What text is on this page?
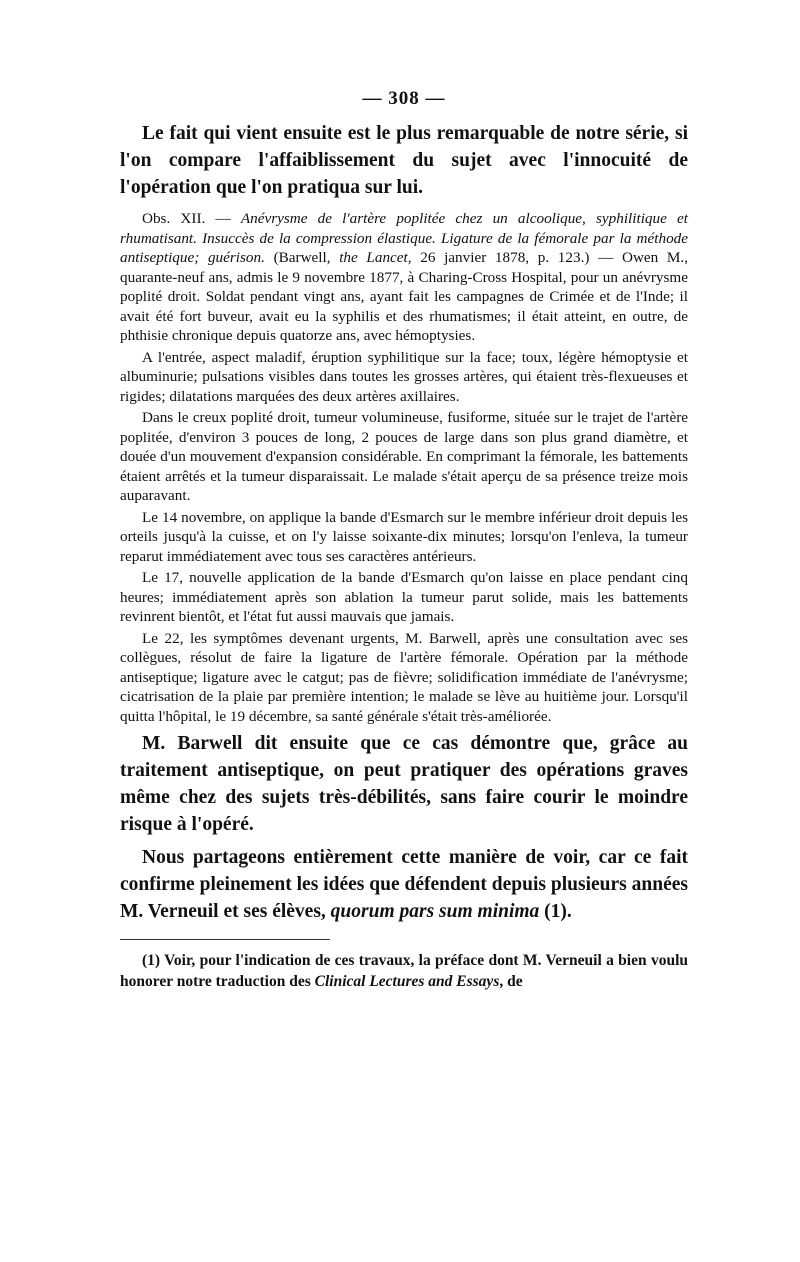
— 308 —

Le fait qui vient ensuite est le plus remarquable de notre série, si l'on compare l'affaiblissement du sujet avec l'innocuité de l'opération que l'on pratiqua sur lui.

Obs. XII. — Anévrysme de l'artère poplitée chez un alcoolique, syphilitique et rhumatisant. Insuccès de la compression élastique. Ligature de la fémorale par la méthode antiseptique; guérison. (Barwell, the Lancet, 26 janvier 1878, p. 123.) — Owen M., quarante-neuf ans, admis le 9 novembre 1877, à Charing-Cross Hospital, pour un anévrysme poplité droit. Soldat pendant vingt ans, ayant fait les campagnes de Crimée et de l'Inde; il avait été fort buveur, avait eu la syphilis et des rhumatismes; il était atteint, en outre, de phthisie chronique depuis quatorze ans, avec hémoptysies.

A l'entrée, aspect maladif, éruption syphilitique sur la face; toux, légère hémoptysie et albuminurie; pulsations visibles dans toutes les grosses artères, qui étaient très-flexueuses et rigides; dilatations marquées des deux artères axillaires.

Dans le creux poplité droit, tumeur volumineuse, fusiforme, située sur le trajet de l'artère poplitée, d'environ 3 pouces de long, 2 pouces de large dans son plus grand diamètre, et douée d'un mouvement d'expansion considérable. En comprimant la fémorale, les battements étaient arrêtés et la tumeur disparaissait. Le malade s'était aperçu de sa présence treize mois auparavant.

Le 14 novembre, on applique la bande d'Esmarch sur le membre inférieur droit depuis les orteils jusqu'à la cuisse, et on l'y laisse soixante-dix minutes; lorsqu'on l'enleva, la tumeur reparut immédiatement avec tous ses caractères antérieurs.

Le 17, nouvelle application de la bande d'Esmarch qu'on laisse en place pendant cinq heures; immédiatement après son ablation la tumeur parut solide, mais les battements revinrent bientôt, et l'état fut aussi mauvais que jamais.

Le 22, les symptômes devenant urgents, M. Barwell, après une consultation avec ses collègues, résolut de faire la ligature de l'artère fémorale. Opération par la méthode antiseptique; ligature avec le catgut; pas de fièvre; solidification immédiate de l'anévrysme; cicatrisation de la plaie par première intention; le malade se lève au huitième jour. Lorsqu'il quitta l'hôpital, le 19 décembre, sa santé générale s'était très-améliorée.

M. Barwell dit ensuite que ce cas démontre que, grâce au traitement antiseptique, on peut pratiquer des opérations graves même chez des sujets très-débilités, sans faire courir le moindre risque à l'opéré.

Nous partageons entièrement cette manière de voir, car ce fait confirme pleinement les idées que défendent depuis plusieurs années M. Verneuil et ses élèves, quorum pars sum minima (1).

(1) Voir, pour l'indication de ces travaux, la préface dont M. Verneuil a bien voulu honorer notre traduction des Clinical Lectures and Essays, de
